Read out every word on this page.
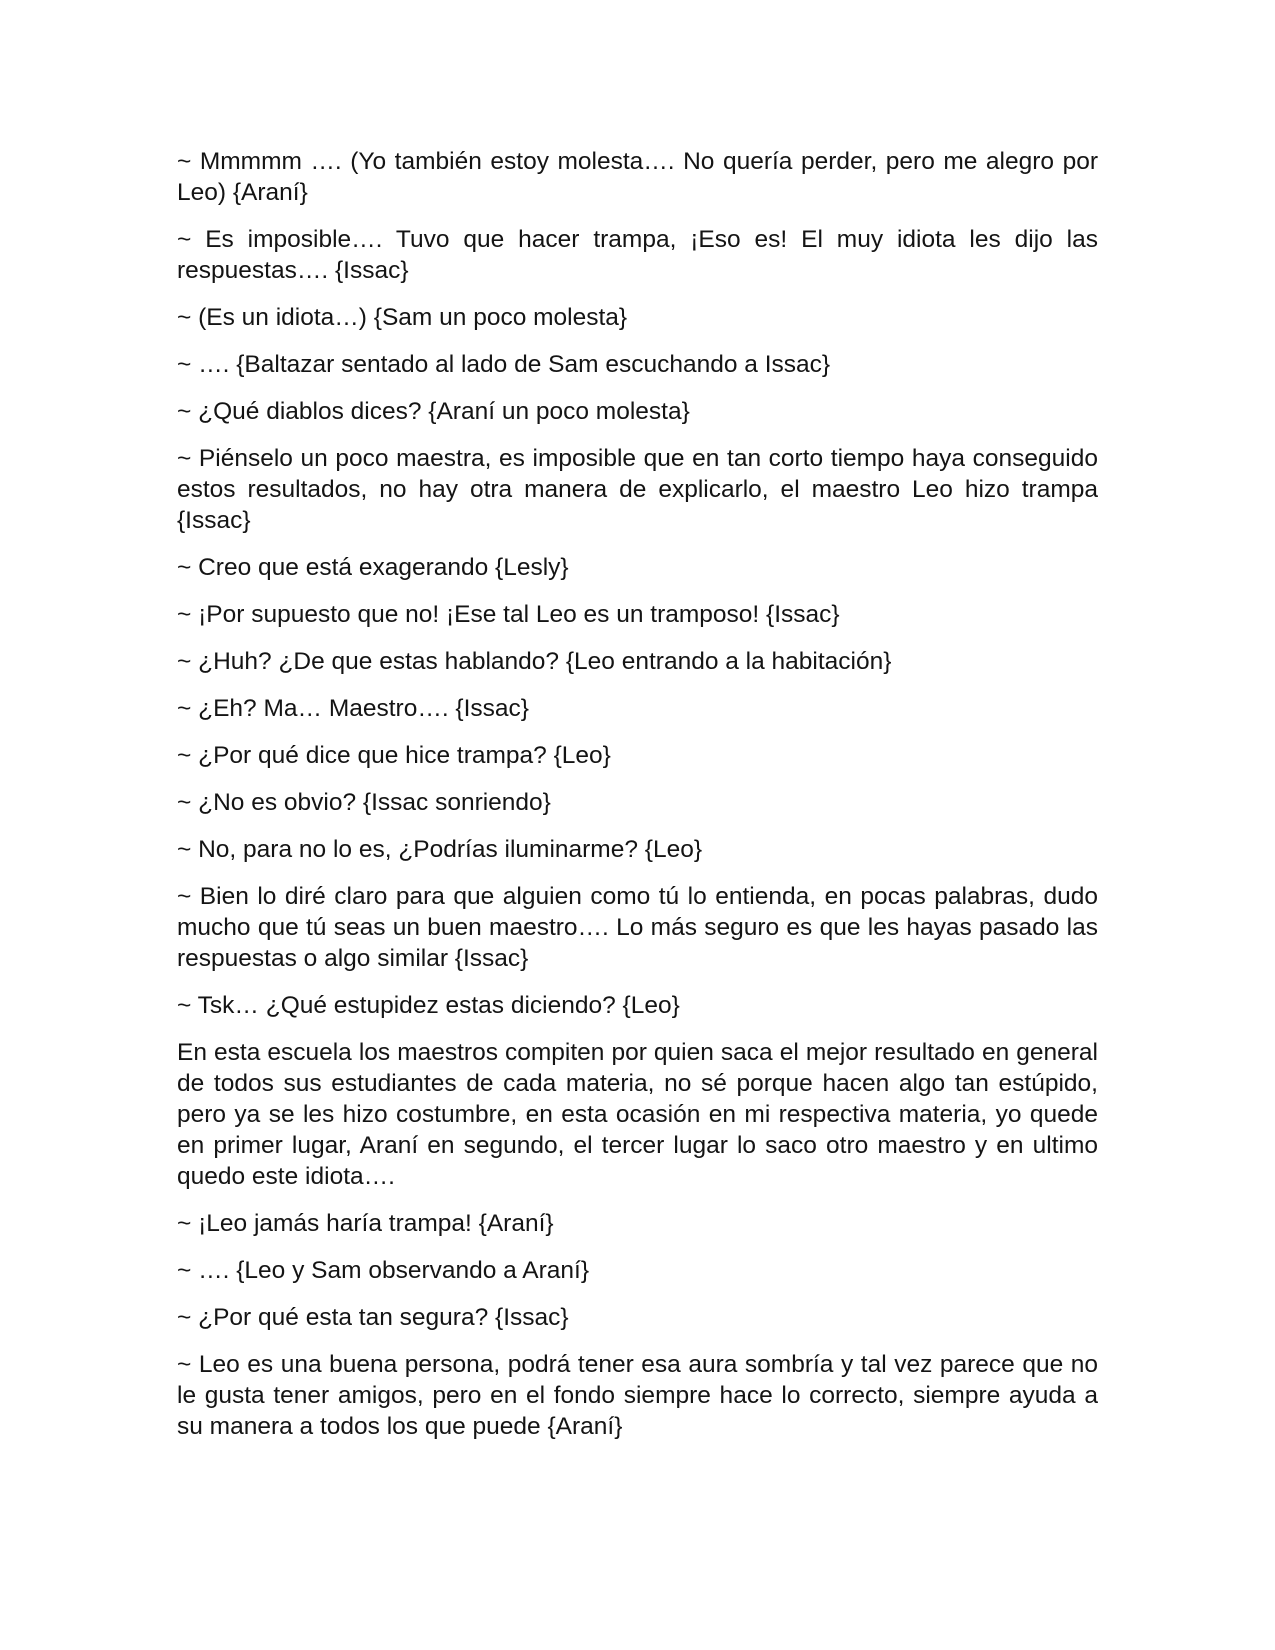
~ Mmmmm …. (Yo también estoy molesta…. No quería perder, pero me alegro por Leo) {Araní}

~ Es imposible…. Tuvo que hacer trampa, ¡Eso es! El muy idiota les dijo las respuestas…. {Issac}

~ (Es un idiota…) {Sam un poco molesta}

~ …. {Baltazar sentado al lado de Sam escuchando a Issac}

~ ¿Qué diablos dices? {Araní un poco molesta}

~ Piénselo un poco maestra, es imposible que en tan corto tiempo haya conseguido estos resultados, no hay otra manera de explicarlo, el maestro Leo hizo trampa {Issac}

~ Creo que está exagerando {Lesly}

~ ¡Por supuesto que no! ¡Ese tal Leo es un tramposo! {Issac}

~ ¿Huh? ¿De que estas hablando? {Leo entrando a la habitación}

~ ¿Eh? Ma… Maestro…. {Issac}

~ ¿Por qué dice que hice trampa? {Leo}

~ ¿No es obvio? {Issac sonriendo}

~ No, para no lo es, ¿Podrías iluminarme? {Leo}

~ Bien lo diré claro para que alguien como tú lo entienda, en pocas palabras, dudo mucho que tú seas un buen maestro…. Lo más seguro es que les hayas pasado las respuestas o algo similar {Issac}

~ Tsk… ¿Qué estupidez estas diciendo? {Leo}

En esta escuela los maestros compiten por quien saca el mejor resultado en general de todos sus estudiantes de cada materia, no sé porque hacen algo tan estúpido, pero ya se les hizo costumbre, en esta ocasión en mi respectiva materia, yo quede en primer lugar, Araní en segundo, el tercer lugar lo saco otro maestro y en ultimo quedo este idiota….

~ ¡Leo jamás haría trampa! {Araní}

~ …. {Leo y Sam observando a Araní}

~ ¿Por qué esta tan segura? {Issac}

~ Leo es una buena persona, podrá tener esa aura sombría y tal vez parece que no le gusta tener amigos, pero en el fondo siempre hace lo correcto, siempre ayuda a su manera a todos los que puede {Araní}
